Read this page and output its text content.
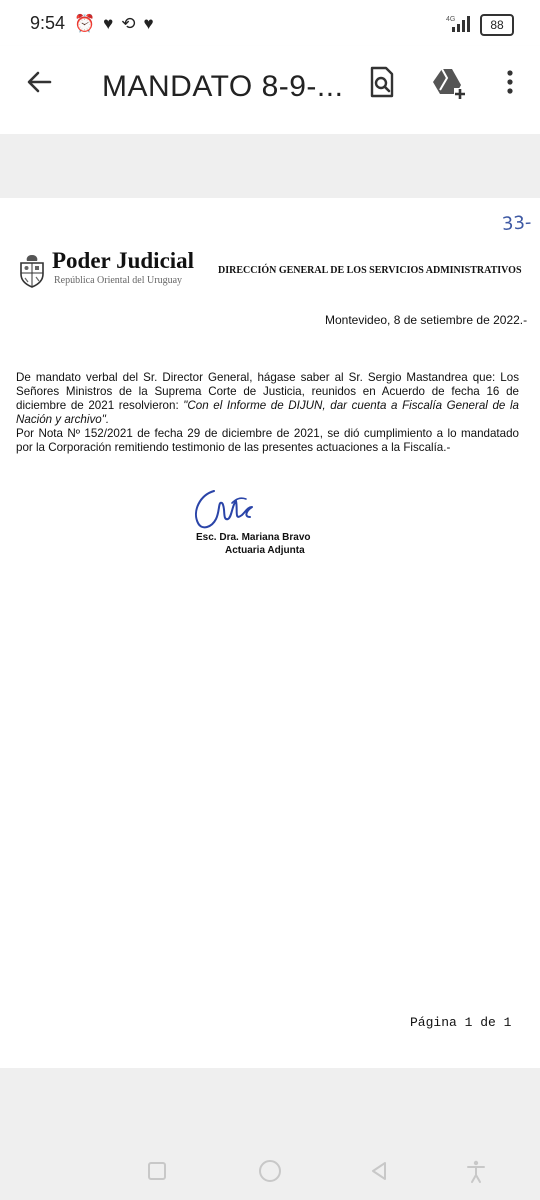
9:54 ⏰ ♥ ⟲ ♥	4G	88
MANDATO 8-9-...
33-
Poder Judicial
República Oriental del Uruguay
DIRECCIÓN GENERAL DE LOS SERVICIOS ADMINISTRATIVOS
Montevideo, 8 de setiembre de 2022.-

De mandato verbal del Sr. Director General, hágase saber al Sr. Sergio Mastandrea que: Los Señores Ministros de la Suprema Corte de Justicia, reunidos en Acuerdo de fecha 16 de diciembre de 2021 resolvieron: "Con el Informe de DIJUN, dar cuenta a Fiscalía General de la Nación y archivo".

Por Nota Nº 152/2021 de fecha 29 de diciembre de 2021, se dió cumplimiento a lo mandatado por la Corporación remitiendo testimonio de las presentes actuaciones a la Fiscalía.-

Esc. Dra. Mariana Bravo
Actuaria Adjunta
Página 1 de 1
